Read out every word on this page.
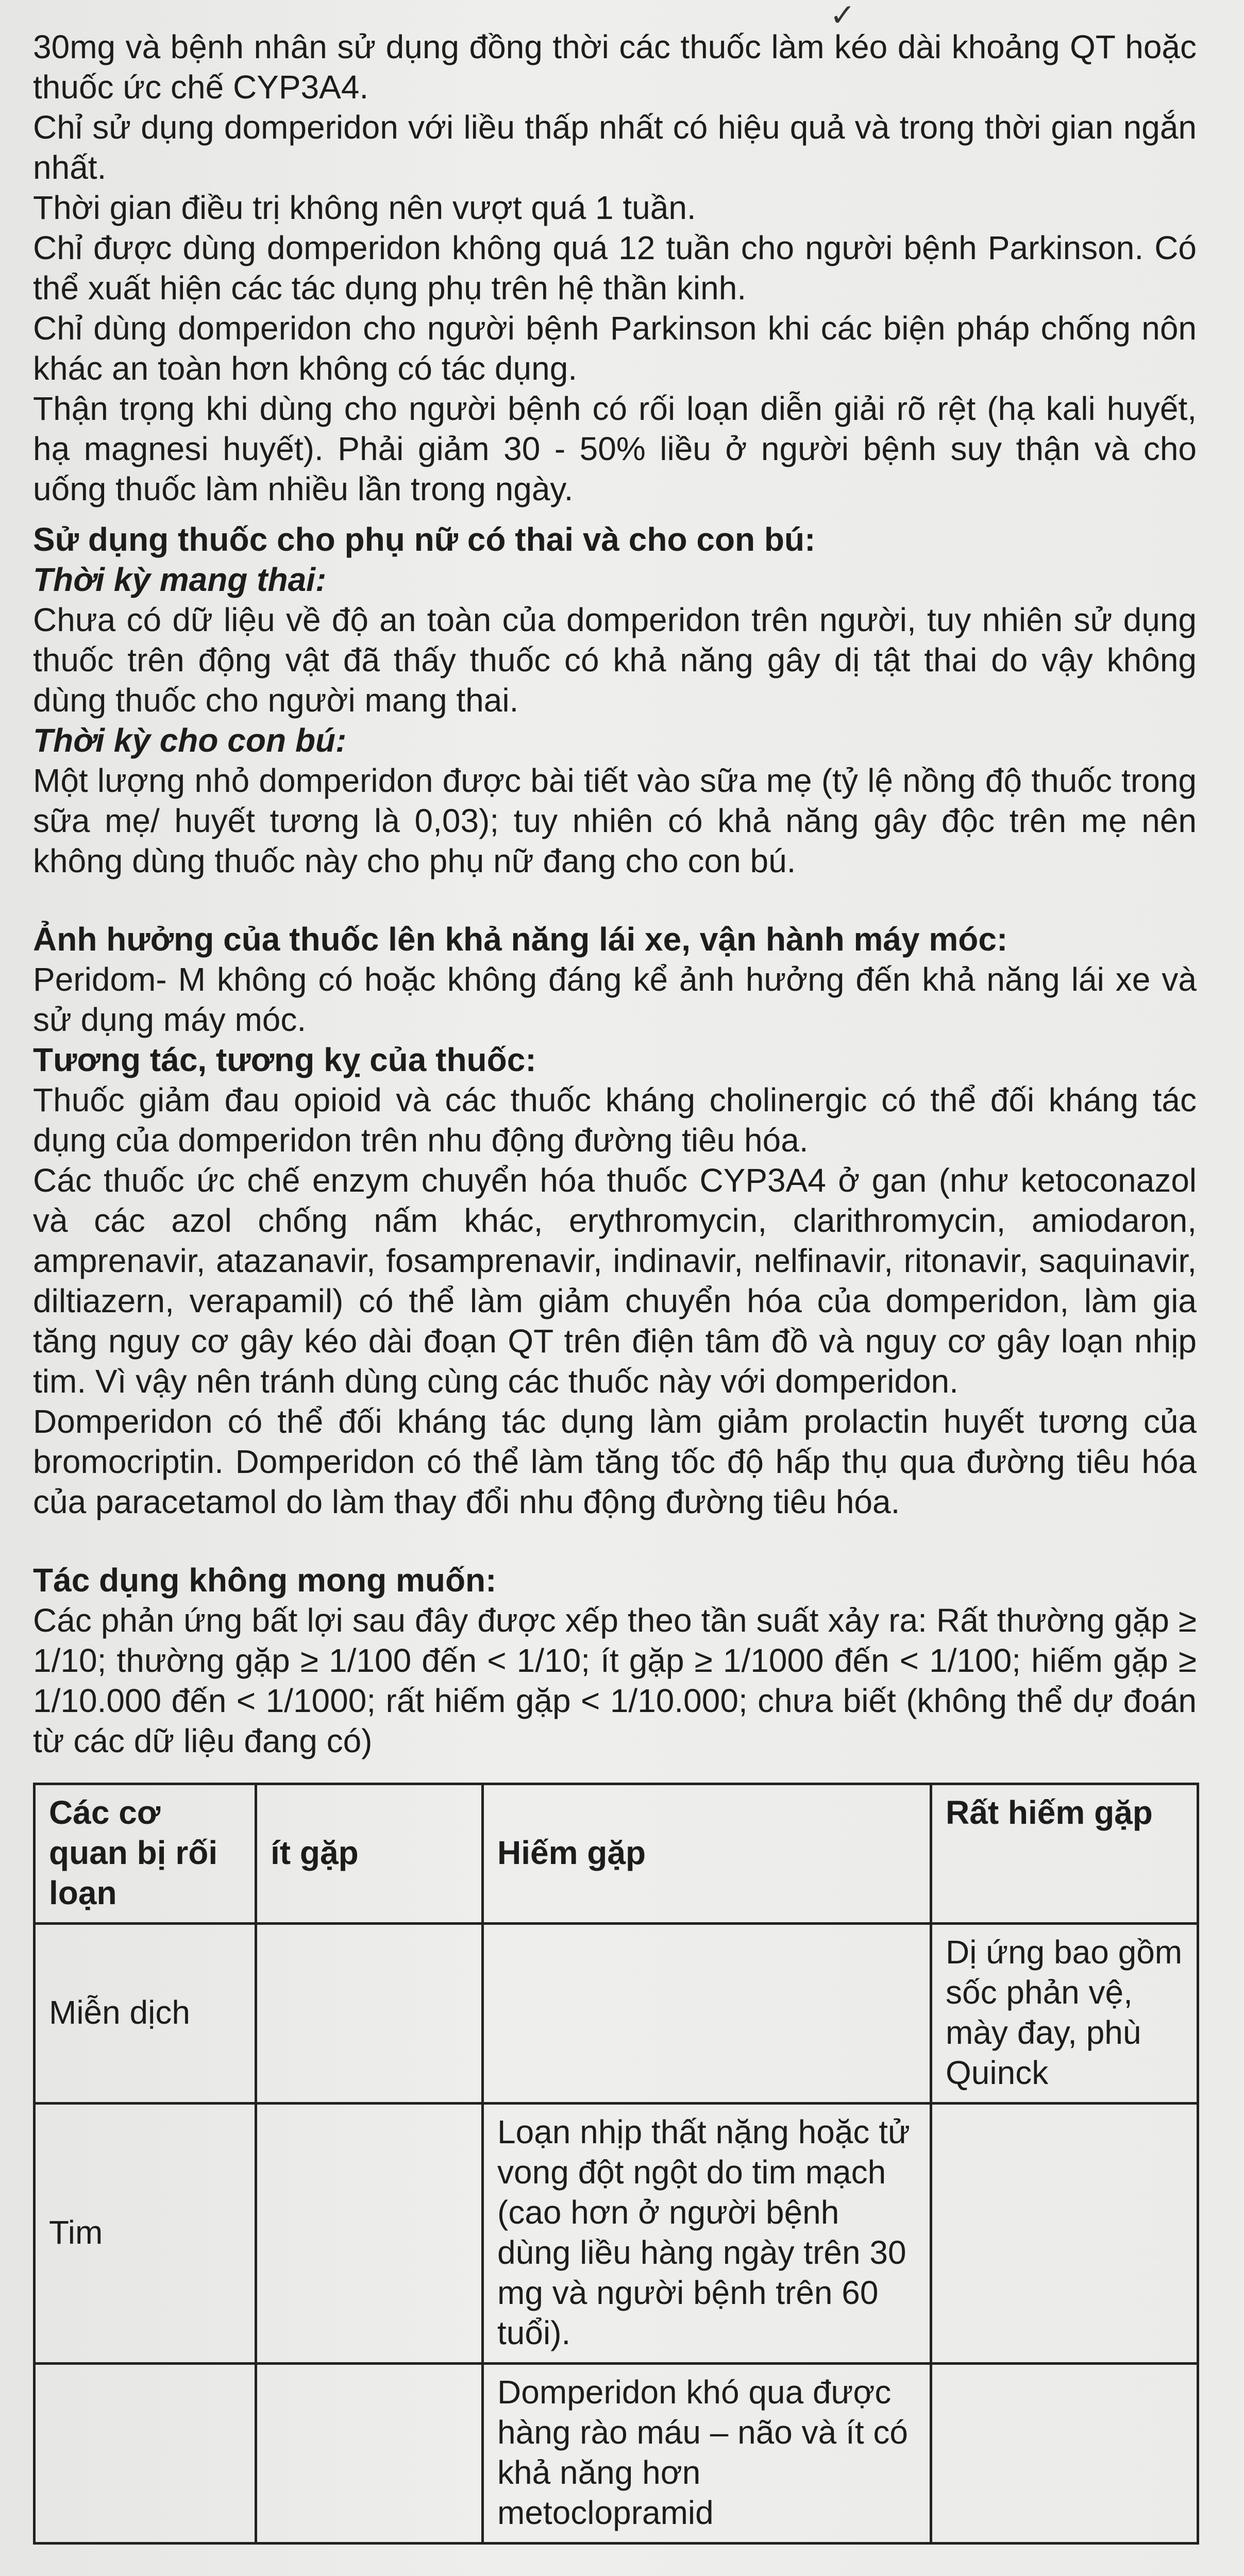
✓

30mg và bệnh nhân sử dụng đồng thời các thuốc làm kéo dài khoảng QT hoặc thuốc ức chế CYP3A4.

Chỉ sử dụng domperidon với liều thấp nhất có hiệu quả và trong thời gian ngắn nhất.

Thời gian điều trị không nên vượt quá 1 tuần.

Chỉ được dùng domperidon không quá 12 tuần cho người bệnh Parkinson. Có thể xuất hiện các tác dụng phụ trên hệ thần kinh.

Chỉ dùng domperidon cho người bệnh Parkinson khi các biện pháp chống nôn khác an toàn hơn không có tác dụng.

Thận trọng khi dùng cho người bệnh có rối loạn diễn giải rõ rệt (hạ kali huyết, hạ magnesi huyết). Phải giảm 30 - 50% liều ở người bệnh suy thận và cho uống thuốc làm nhiều lần trong ngày.

Sử dụng thuốc cho phụ nữ có thai và cho con bú:

Thời kỳ mang thai:

Chưa có dữ liệu về độ an toàn của domperidon trên người, tuy nhiên sử dụng thuốc trên động vật đã thấy thuốc có khả năng gây dị tật thai do vậy không dùng thuốc cho người mang thai.

Thời kỳ cho con bú:

Một lượng nhỏ domperidon được bài tiết vào sữa mẹ (tỷ lệ nồng độ thuốc trong sữa mẹ/ huyết tương là 0,03); tuy nhiên có khả năng gây độc trên mẹ nên không dùng thuốc này cho phụ nữ đang cho con bú.

Ảnh hưởng của thuốc lên khả năng lái xe, vận hành máy móc:

Peridom- M không có hoặc không đáng kể ảnh hưởng đến khả năng lái xe và sử dụng máy móc.

Tương tác, tương kỵ của thuốc:

Thuốc giảm đau opioid và các thuốc kháng cholinergic có thể đối kháng tác dụng của domperidon trên nhu động đường tiêu hóa.

Các thuốc ức chế enzym chuyển hóa thuốc CYP3A4 ở gan (như ketoconazol và các azol chống nấm khác, erythromycin, clarithromycin, amiodaron, amprenavir, atazanavir, fosamprenavir, indinavir, nelfinavir, ritonavir, saquinavir, diltiazern, verapamil) có thể làm giảm chuyển hóa của domperidon, làm gia tăng nguy cơ gây kéo dài đoạn QT trên điện tâm đồ và nguy cơ gây loạn nhịp tim. Vì vậy nên tránh dùng cùng các thuốc này với domperidon.

Domperidon có thể đối kháng tác dụng làm giảm prolactin huyết tương của bromocriptin. Domperidon có thể làm tăng tốc độ hấp thụ qua đường tiêu hóa của paracetamol do làm thay đổi nhu động đường tiêu hóa.

Tác dụng không mong muốn:

Các phản ứng bất lợi sau đây được xếp theo tần suất xảy ra: Rất thường gặp ≥ 1/10; thường gặp ≥ 1/100 đến < 1/10; ít gặp ≥ 1/1000 đến < 1/100; hiếm gặp ≥ 1/10.000 đến < 1/1000; rất hiếm gặp < 1/10.000; chưa biết (không thể dự đoán từ các dữ liệu đang có)

Các cơ quan bị rối loạn	ít gặp	Hiếm gặp	Rất hiếm gặp
Miễn dịch			Dị ứng bao gồm sốc phản vệ, mày đay, phù Quinck
Tim		Loạn nhịp thất nặng hoặc tử vong đột ngột do tim mạch (cao hơn ở người bệnh dùng liều hàng ngày trên 30 mg và người bệnh trên 60 tuổi).	
		Domperidon khó qua được hàng rào máu – não và ít có khả năng hơn metoclopramid	
